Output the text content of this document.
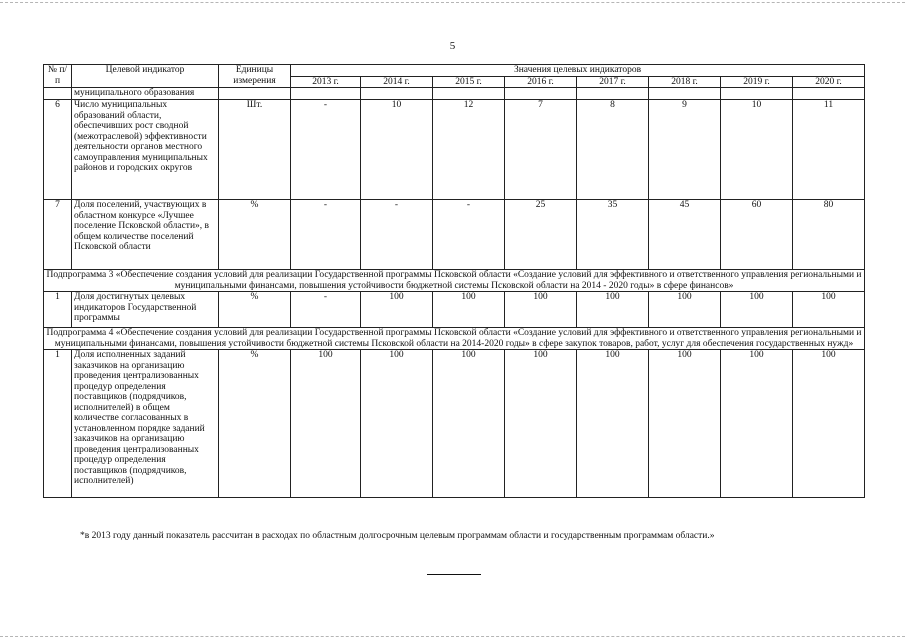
5
№ п/п	Целевой индикатор	Единицы измерения	Значения целевых индикаторов							
			2013 г.	2014 г.	2015 г.	2016 г.	2017 г.	2018 г.	2019 г.	2020 г.
	муниципального образования									
6	Число муниципальных образований области, обеспечивших рост сводной (межотраслевой) эффективности деятельности органов местного самоуправления муниципальных районов и городских округов	Шт.	-	10	12	7	8	9	10	11
7	Доля поселений, участвующих в областном конкурсе «Лучшее поселение Псковской области», в общем количестве поселений Псковской области	%	-	-	-	25	35	45	60	80
Подпрограмма 3 «Обеспечение создания условий для реализации Государственной программы Псковской области «Создание условий для эффективного и ответственного управления региональными и муниципальными финансами, повышения устойчивости бюджетной системы Псковской области на 2014 - 2020 годы» в сфере финансов»										
1	Доля достигнутых целевых индикаторов Государственной программы	%	-	100	100	100	100	100	100	100
Подпрограмма 4 «Обеспечение создания условий для реализации Государственной программы Псковской области «Создание условий для эффективного и ответственного управления региональными и муниципальными финансами, повышения устойчивости бюджетной системы Псковской области на 2014-2020 годы» в сфере закупок товаров, работ, услуг для обеспечения государственных нужд»										
1	Доля исполненных заданий заказчиков на организацию проведения централизованных процедур определения поставщиков (подрядчиков, исполнителей) в общем количестве согласованных в установленном порядке заданий заказчиков на организацию проведения централизованных процедур определения поставщиков (подрядчиков, исполнителей)	%	100	100	100	100	100	100	100	100
*в 2013 году данный показатель рассчитан в расходах по областным долгосрочным целевым программам области и государственным программам области.»
